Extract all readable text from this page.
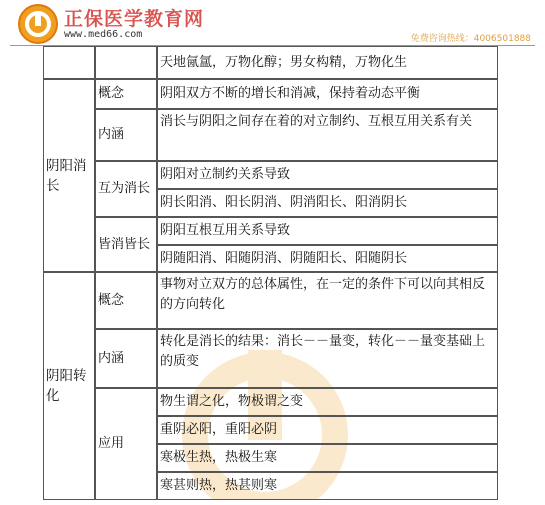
正保医学教育网
www.med66.com	免费咨询热线：4006501888
天地氤氲，万物化醇；男女构精，万物化生
阴阳消长
概念	阴阳双方不断的增长和消减，保持着动态平衡
内涵
消长与阴阳之间存在着的对立制约、互根互用关系有关
互为消长
阴阳对立制约关系导致
阴长阳消、阳长阴消、阴消阳长、阳消阴长
皆消皆长
阴阳互根互用关系导致
阴随阳消、阳随阴消、阴随阳长、阳随阴长
阴阳转化
概念
事物对立双方的总体属性，在一定的条件下可以向其相反的方向转化
内涵
转化是消长的结果：消长－－量变，转化－－量变基础上的质变
应用
物生谓之化，物极谓之变
重阴必阳，重阳必阴
寒极生热，热极生寒
寒甚则热，热甚则寒
